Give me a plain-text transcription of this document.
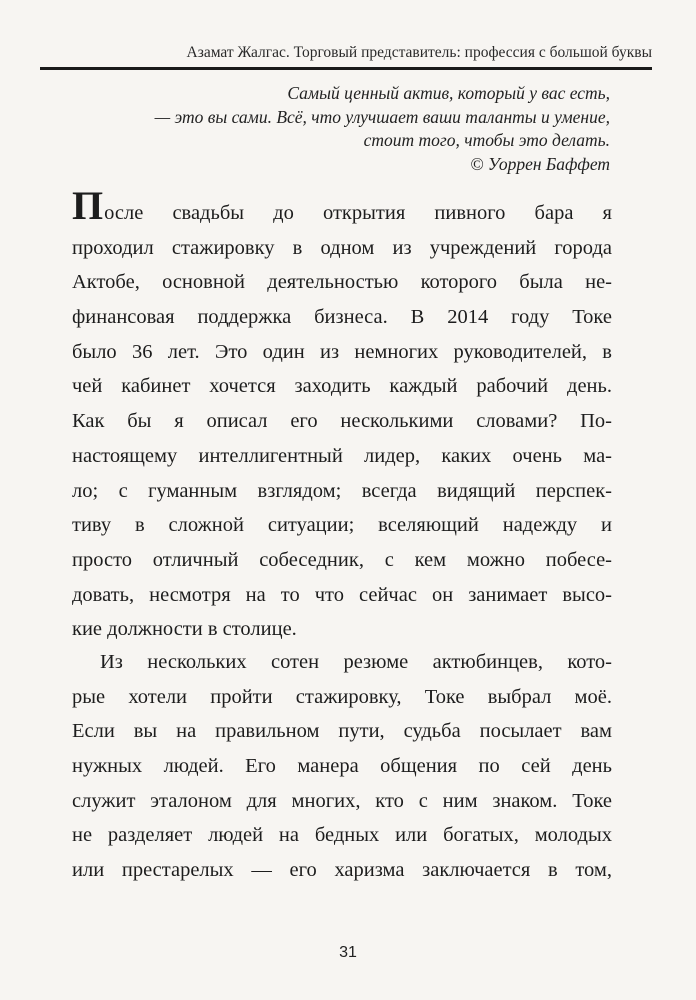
Азамат Жалгас. Торговый представитель: профессия с большой буквы
Самый ценный актив, который у вас есть,
— это вы сами. Всё, что улучшает ваши таланты и умение,
стоит того, чтобы это делать.
© Уоррен Баффет
После свадьбы до открытия пивного бара я
проходил стажировку в одном из учреждений города
Актобе, основной деятельностью которого была не-
финансовая поддержка бизнеса. В 2014 году Токе
было 36 лет. Это один из немногих руководителей, в
чей кабинет хочется заходить каждый рабочий день.
Как бы я описал его несколькими словами? По-
настоящему интеллигентный лидер, каких очень ма-
ло; с гуманным взглядом; всегда видящий перспек-
тиву в сложной ситуации; вселяющий надежду и
просто отличный собеседник, с кем можно побесе-
довать, несмотря на то что сейчас он занимает высо-
кие должности в столице.
Из нескольких сотен резюме актюбинцев, кото-
рые хотели пройти стажировку, Токе выбрал моё.
Если вы на правильном пути, судьба посылает вам
нужных людей. Его манера общения по сей день
служит эталоном для многих, кто с ним знаком. Токе
не разделяет людей на бедных или богатых, молодых
или престарелых — его харизма заключается в том,
31
